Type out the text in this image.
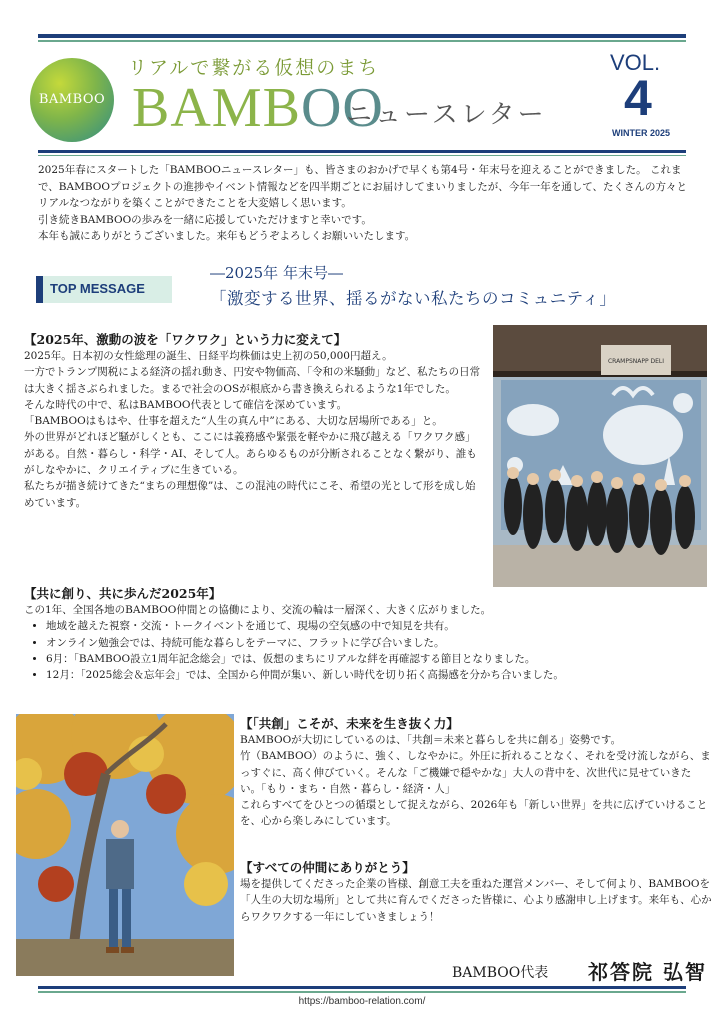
BAMBOO
リアルで繋がる仮想のまち
BAMBOO
ニュースレター
VOL.
4
WINTER 2025

2025年春にスタートした「BAMBOOニュースレター」も、皆さまのおかげで早くも第4号・年末号を迎えることができました。 これまで、BAMBOOプロジェクトの進捗やイベント情報などを四半期ごとにお届けしてまいりましたが、今年一年を通して、たくさんの方々とリアルなつながりを築くことができたことを大変嬉しく思います。

引き続きBAMBOOの歩みを一緒に応援していただけますと幸いです。

本年も誠にありがとうございました。来年もどうぞよろしくお願いいたします。

TOP MESSAGE
―2025年 年末号―
「激変する世界、揺るがない私たちのコミュニティ」
【2025年、激動の波を「ワクワク」という力に変えて】

2025年。日本初の女性総理の誕生、日経平均株価は史上初の50,000円超え。

一方でトランプ関税による経済の揺れ動き、円安や物価高、「令和の米騒動」など、私たちの日常は大きく揺さぶられました。まるで社会のOSが根底から書き換えられるような1年でした。

そんな時代の中で、私はBAMBOO代表として確信を深めています。

「BAMBOOはもはや、仕事を超えた“人生の真ん中”にある、大切な居場所である」と。

外の世界がどれほど騒がしくとも、ここには義務感や緊張を軽やかに飛び越える「ワクワク感」がある。自然・暮らし・科学・AI、そして人。あらゆるものが分断されることなく繋がり、誰もがしなやかに、クリエイティブに生きている。

私たちが描き続けてきた“まちの理想像”は、この混沌の時代にこそ、希望の光として形を成し始めています。

CRAMPSNAPP DELI
【共に創り、共に歩んだ2025年】

この1年、全国各地のBAMBOO仲間との協働により、交流の輪は一層深く、大きく広がりました。

• 地域を越えた視察・交流・トークイベントを通じて、現場の空気感の中で知見を共有。
• オンライン勉強会では、持続可能な暮らしをテーマに、フラットに学び合いました。
• 6月：「BAMBOO設立1周年記念総会」では、仮想のまちにリアルな絆を再確認する節目となりました。
• 12月：「2025総会＆忘年会」では、全国から仲間が集い、新しい時代を切り拓く高揚感を分かち合いました。
【「共創」こそが、未来を生き抜く力】

BAMBOOが大切にしているのは、「共創＝未来と暮らしを共に創る」姿勢です。

竹（BAMBOO）のように、強く、しなやかに。外圧に折れることなく、それを受け流しながら、まっすぐに、高く伸びていく。そんな「ご機嫌で穏やかな」大人の背中を、次世代に見せていきたい。「もり・まち・自然・暮らし・経済・人」

これらすべてをひとつの循環として捉えながら、2026年も「新しい世界」を共に広げていけることを、心から楽しみにしています。

【すべての仲間にありがとう】

場を提供してくださった企業の皆様、創意工夫を重ねた運営メンバー、そして何より、BAMBOOを「人生の大切な場所」として共に育んでくださった皆様に、心より感謝申し上げます。来年も、心からワクワクする一年にしていきましょう！

BAMBOO代表 祁答院 弘智
https://bamboo-relation.com/
